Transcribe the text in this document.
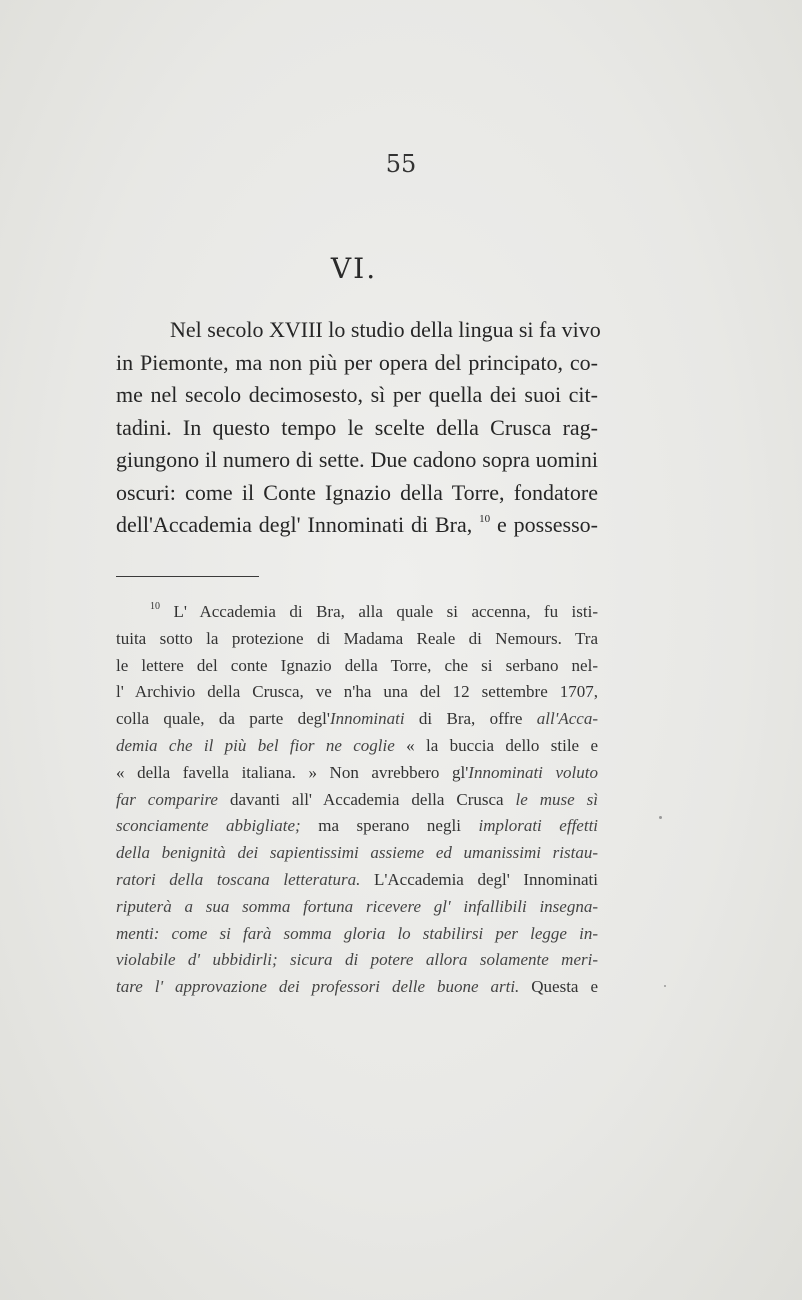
55
VI.
Nel secolo XVIII lo studio della lingua si fa vivo
in Piemonte, ma non più per opera del principato, co-
me nel secolo decimosesto, sì per quella dei suoi cit-
tadini. In questo tempo le scelte della Crusca rag-
giungono il numero di sette. Due cadono sopra uomini
oscuri: come il Conte Ignazio della Torre, fondatore
dell'Accademia degl' Innominati di Bra, $^{10}$ e possesso-
$^{10}$ L' Accademia di Bra, alla quale si accenna, fu isti-
tuita sotto la protezione di Madama Reale di Nemours. Tra
le lettere del conte Ignazio della Torre, che si serbano nel-
l' Archivio della Crusca, ve n'ha una del 12 settembre 1707,
colla quale, da parte degl'Innominati di Bra, offre all'Acca-
demia che il più bel fior ne coglie « la buccia dello stile e
« della favella italiana. » Non avrebbero gl'Innominati voluto
far comparire davanti all' Accademia della Crusca le muse sì
sconciamente abbigliate; ma sperano negli implorati effetti
della benignità dei sapientissimi assieme ed umanissimi ristau-
ratori della toscana letteratura. L'Accademia degl' Innominati
riputerà a sua somma fortuna ricevere gl' infallibili insegna-
menti: come si farà somma gloria lo stabilirsi per legge in-
violabile d' ubbidirli; sicura di potere allora solamente meri-
tare l' approvazione dei professori delle buone arti. Questa e
